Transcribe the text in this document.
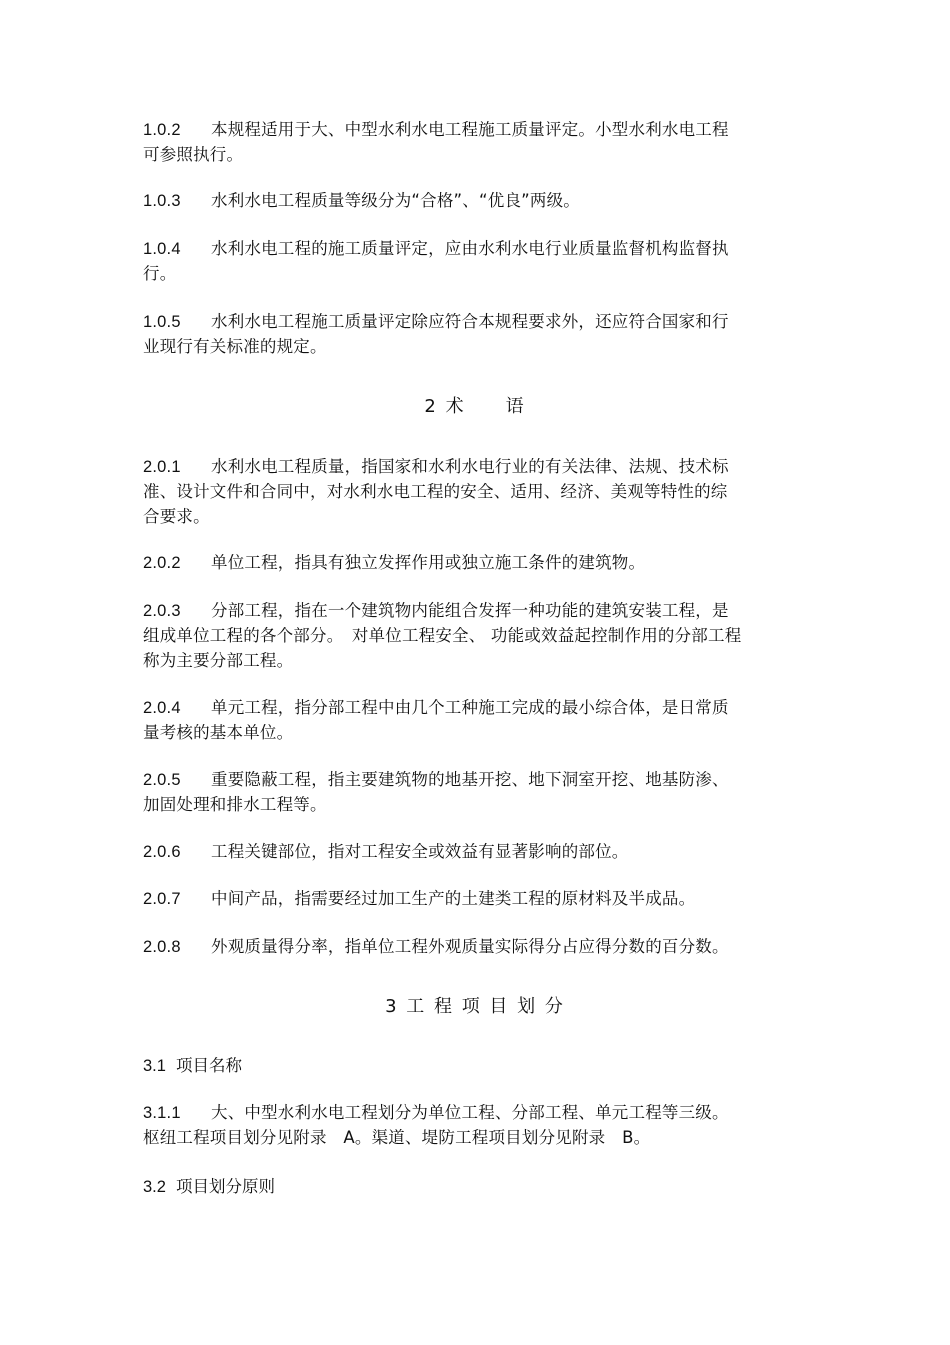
1.0.2 本规程适用于大、中型水利水电工程施工质量评定。小型水利水电工程
可参照执行。
1.0.3 水利水电工程质量等级分为“合格”、“优良”两级。
1.0.4 水利水电工程的施工质量评定，应由水利水电行业质量监督机构监督执
行。
1.0.5 水利水电工程施工质量评定除应符合本规程要求外，还应符合国家和行
业现行有关标准的规定。
2 术　　语
2.0.1 水利水电工程质量，指国家和水利水电行业的有关法律、法规、技术标
准、设计文件和合同中，对水利水电工程的安全、适用、经济、美观等特性的综
合要求。
2.0.2 单位工程，指具有独立发挥作用或独立施工条件的建筑物。
2.0.3 分部工程，指在一个建筑物内能组合发挥一种功能的建筑安装工程，是
组成单位工程的各个部分。　对单位工程安全、 功能或效益起控制作用的分部工程
称为主要分部工程。
2.0.4 单元工程，指分部工程中由几个工种施工完成的最小综合体，是日常质
量考核的基本单位。
2.0.5 重要隐蔽工程，指主要建筑物的地基开挖、地下洞室开挖、地基防渗、
加固处理和排水工程等。
2.0.6 工程关键部位，指对工程安全或效益有显著影响的部位。
2.0.7 中间产品，指需要经过加工生产的土建类工程的原材料及半成品。
2.0.8 外观质量得分率，指单位工程外观质量实际得分占应得分数的百分数。
3 工 程 项 目 划 分
3.1 项目名称
3.1.1 大、中型水利水电工程划分为单位工程、分部工程、单元工程等三级。
枢纽工程项目划分见附录　A。渠道、堤防工程项目划分见附录　B。
3.2 项目划分原则
